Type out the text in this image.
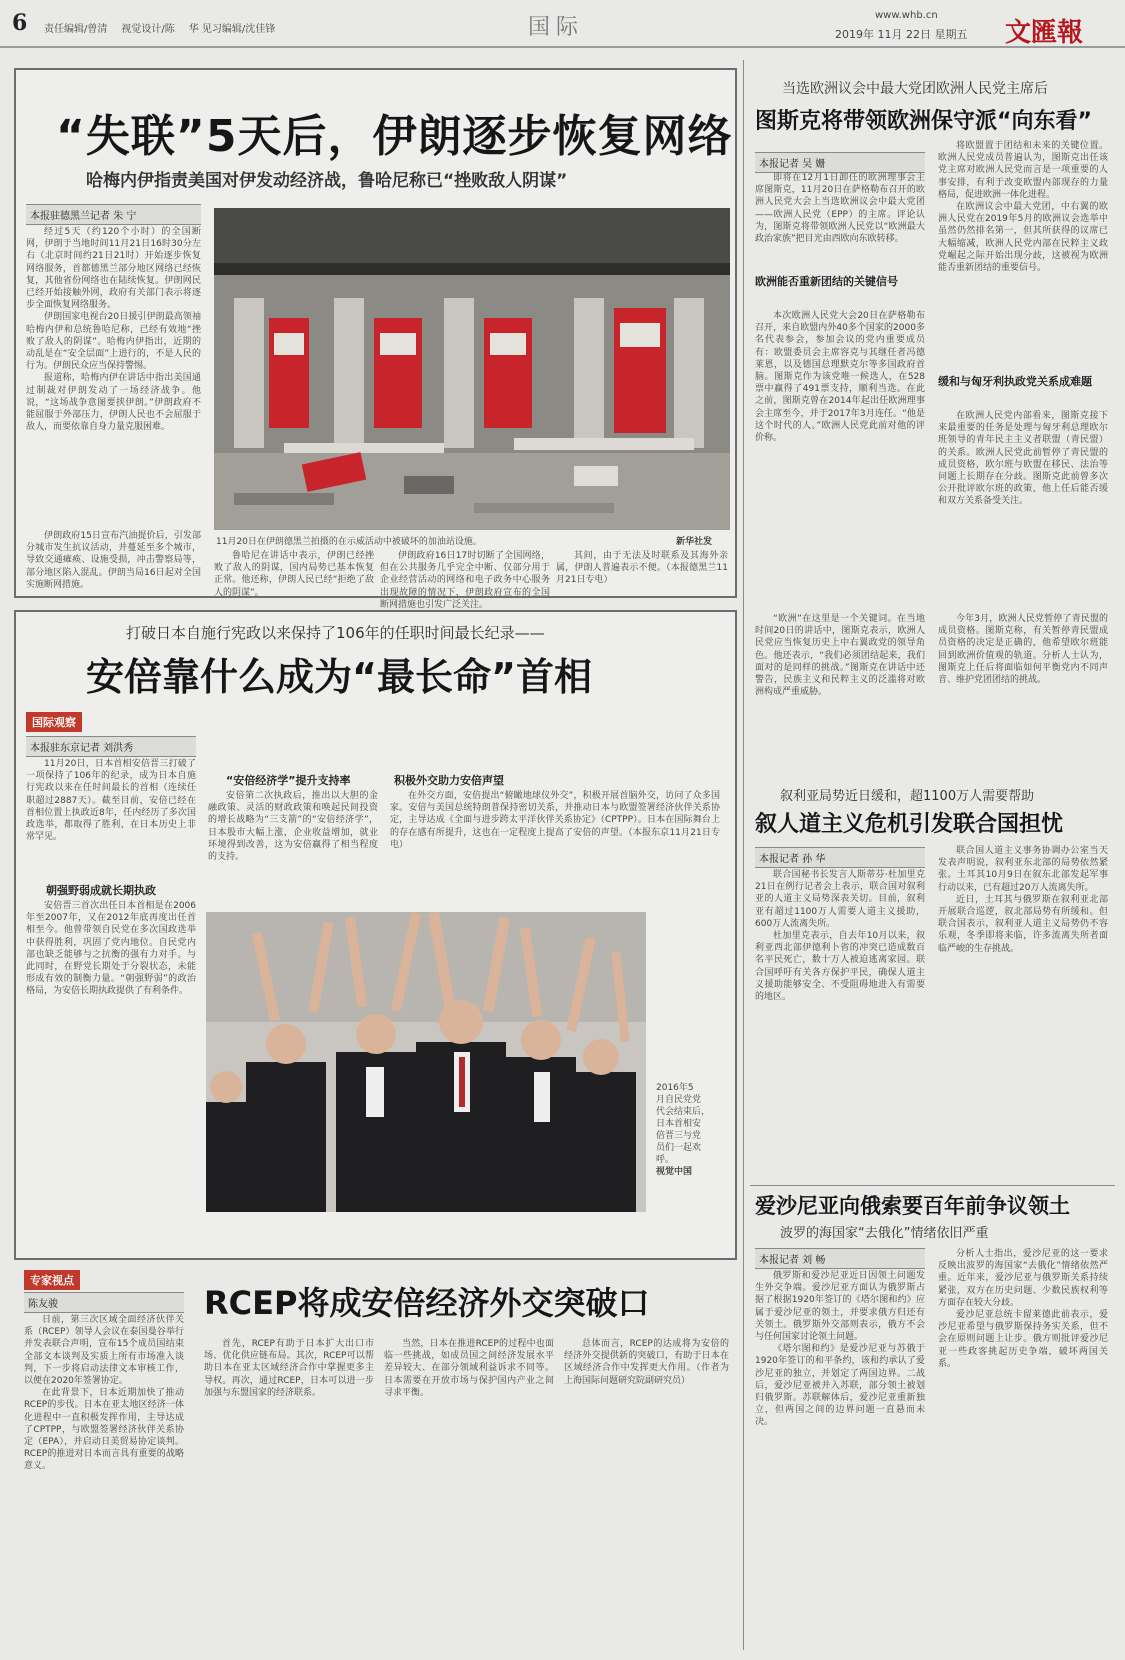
6 责任编辑/曾清 视觉设计/陈 华 见习编辑/沈佳锋	国际	www.whb.cn
2019年 11月 22日 星期五 文匯報
“失联”5天后，伊朗逐步恢复网络
哈梅内伊指责美国对伊发动经济战，鲁哈尼称已“挫败敌人阴谋”
本报驻德黑兰记者 朱 宁

经过5天（约120个小时）的全国断网，伊朗于当地时间11月21日16时30分左右（北京时间约21日21时）开始逐步恢复网络服务，首都德黑兰部分地区网络已经恢复，其他省份网络也在陆续恢复。伊朗网民已经开始接触外网，政府有关部门表示将逐步全面恢复网络服务。

伊朗国家电视台20日援引伊朗最高领袖哈梅内伊和总统鲁哈尼称，已经有效地“挫败了敌人的阴谋”。哈梅内伊指出，近期的动乱是在“安全层面”上进行的，不是人民的行为。伊朗民众应当保持警惕。

报道称，哈梅内伊在讲话中指出美国通过制裁对伊朗发动了一场经济战争。他说，“这场战争意图要挟伊朗。”伊朗政府不能屈服于外部压力，伊朗人民也不会屈服于敌人，而要依靠自身力量克服困难。

伊朗政府15日宣布汽油提价后，引发部分城市发生抗议活动，并蔓延至多个城市，导致交通瘫痪、设施受损，冲击警察局等，部分地区陷入混乱。伊朗当局16日起对全国实施断网措施。

11月20日在伊朗德黑兰拍摄的在示威活动中被破坏的加油站设施。	新华社发

鲁哈尼在讲话中表示，伊朗已经挫败了敌人的阴谋，国内局势已基本恢复正常。他还称，伊朗人民已经“拒绝了敌人的阴谋”。

伊朗政府16日17时切断了全国网络，但在公共服务几乎完全中断、仅部分用于企业经营活动的网络和电子政务中心服务出现故障的情况下，伊朗政府宣布的全国断网措施也引发广泛关注。

其间，由于无法及时联系及其海外亲属，伊朗人普遍表示不便。（本报德黑兰11月21日专电）

当选欧洲议会中最大党团欧洲人民党主席后
图斯克将带领欧洲保守派“向东看”
本报记者 吴 姗

即将在12月1日卸任的欧洲理事会主席图斯克，11月20日在萨格勒布召开的欧洲人民党大会上当选欧洲议会中最大党团——欧洲人民党（EPP）的主席。评论认为，图斯克将带领欧洲人民党以“欧洲最大政治家族”把目光由西欧向东欧转移。

欧洲能否重新团结的关键信号

本次欧洲人民党大会20日在萨格勒布召开，来自欧盟内外40多个国家的2000多名代表参会，参加会议的党内重要成员有：欧盟委员会主席容克与其继任者冯德莱恩，以及德国总理默克尔等多国政府首脑。图斯克作为该党唯一候选人，在528票中赢得了491票支持，顺利当选。在此之前，图斯克曾在2014年起出任欧洲理事会主席至今，并于2017年3月连任。“他是这个时代的人。”欧洲人民党此前对他的评价称。

“欧洲”在这里是一个关键词。在当地时间20日的讲话中，图斯克表示，欧洲人民党应当恢复历史上中右翼政党的领导角色。他还表示，“我们必须团结起来，我们面对的是同样的挑战。”图斯克在讲话中还警告，民族主义和民粹主义的泛滥将对欧洲构成严重威胁。

将欧盟置于团结和未来的关键位置。欧洲人民党成员普遍认为，图斯克出任该党主席对欧洲人民党而言是一项重要的人事安排，有利于改变欧盟内部现存的力量格局，促进欧洲一体化进程。

在欧洲议会中最大党团，中右翼的欧洲人民党在2019年5月的欧洲议会选举中虽然仍然排名第一，但其所获得的议席已大幅缩减，欧洲人民党内部在民粹主义政党崛起之际开始出现分歧，这被视为欧洲能否重新团结的重要信号。

缓和与匈牙利执政党关系成难题

在欧洲人民党内部看来，图斯克接下来最重要的任务是处理与匈牙利总理欧尔班领导的青年民主主义者联盟（青民盟）的关系。欧洲人民党此前暂停了青民盟的成员资格，欧尔班与欧盟在移民、法治等问题上长期存在分歧。图斯克此前曾多次公开批评欧尔班的政策，他上任后能否缓和双方关系备受关注。

今年3月，欧洲人民党暂停了青民盟的成员资格。图斯克称，有关暂停青民盟成员资格的决定是正确的，他希望欧尔班能回到欧洲价值观的轨道。分析人士认为，图斯克上任后将面临如何平衡党内不同声音、维护党团团结的挑战。

打破日本自施行宪政以来保持了106年的任职时间最长纪录——
安倍靠什么成为“最长命”首相
国际观察
本报驻东京记者 刘洪秀

11月20日，日本首相安倍晋三打破了一项保持了106年的纪录，成为日本自施行宪政以来在任时间最长的首相（连续任职超过2887天）。截至目前，安倍已经在首相位置上执政近8年，任内经历了多次国政选举，都取得了胜利，在日本历史上非常罕见。

朝强野弱成就长期执政

安倍晋三首次出任日本首相是在2006年至2007年，又在2012年底再度出任首相至今。他曾带领自民党在多次国政选举中获得胜利，巩固了党内地位。自民党内部也缺乏能够与之抗衡的强有力对手。与此同时，在野党长期处于分裂状态，未能形成有效的制衡力量。“朝强野弱”的政治格局，为安倍长期执政提供了有利条件。

“安倍经济学”提升支持率

安倍第二次执政后，推出以大胆的金融政策、灵活的财政政策和唤起民间投资的增长战略为“三支箭”的“安倍经济学”，日本股市大幅上涨，企业收益增加，就业环境得到改善，这为安倍赢得了相当程度的支持。

积极外交助力安倍声望

在外交方面，安倍提出“俯瞰地球仪外交”，积极开展首脑外交，访问了众多国家。安倍与美国总统特朗普保持密切关系，并推动日本与欧盟签署经济伙伴关系协定，主导达成《全面与进步跨太平洋伙伴关系协定》（CPTPP）。日本在国际舞台上的存在感有所提升，这也在一定程度上提高了安倍的声望。（本报东京11月21日专电）

2016年5
月自民党党
代会结束后，
日本首相安
倍晋三与党
员们一起欢
呼。
视觉中国
叙利亚局势近日缓和，超1100万人需要帮助
叙人道主义危机引发联合国担忧
本报记者 孙 华

联合国秘书长发言人斯蒂芬·杜加里克21日在例行记者会上表示，联合国对叙利亚的人道主义局势深表关切。目前，叙利亚有超过1100万人需要人道主义援助，600万人流离失所。

杜加里克表示，自去年10月以来，叙利亚西北部伊德利卜省的冲突已造成数百名平民死亡，数十万人被迫逃离家园。联合国呼吁有关各方保护平民，确保人道主义援助能够安全、不受阻碍地进入有需要的地区。

联合国人道主义事务协调办公室当天发表声明说，叙利亚东北部的局势依然紧张。土耳其10月9日在叙东北部发起军事行动以来，已有超过20万人流离失所。

近日，土耳其与俄罗斯在叙利亚北部开展联合巡逻，叙北部局势有所缓和。但联合国表示，叙利亚人道主义局势仍不容乐观，冬季即将来临，许多流离失所者面临严峻的生存挑战。

专家视点
陈友骏	RCEP将成安倍经济外交突破口

日前，第三次区域全面经济伙伴关系（RCEP）领导人会议在泰国曼谷举行并发表联合声明，宣布15个成员国结束全部文本谈判及实质上所有市场准入谈判，下一步将启动法律文本审核工作，以便在2020年签署协定。

在此背景下，日本近期加快了推动RCEP的步伐。日本在亚太地区经济一体化进程中一直积极发挥作用，主导达成了CPTPP，与欧盟签署经济伙伴关系协定（EPA），并启动日美贸易协定谈判。RCEP的推进对日本而言具有重要的战略意义。

首先，RCEP有助于日本扩大出口市场、优化供应链布局。其次，RCEP可以帮助日本在亚太区域经济合作中掌握更多主导权。再次，通过RCEP，日本可以进一步加强与东盟国家的经济联系。

当然，日本在推进RCEP的过程中也面临一些挑战，如成员国之间经济发展水平差异较大、在部分领域利益诉求不同等。日本需要在开放市场与保护国内产业之间寻求平衡。

总体而言，RCEP的达成将为安倍的经济外交提供新的突破口，有助于日本在区域经济合作中发挥更大作用。（作者为上海国际问题研究院副研究员）

爱沙尼亚向俄索要百年前争议领土
波罗的海国家“去俄化”情绪依旧严重
本报记者 刘 畅

俄罗斯和爱沙尼亚近日因领土问题发生外交争端。爱沙尼亚方面认为俄罗斯占据了根据1920年签订的《塔尔图和约》应属于爱沙尼亚的领土，并要求俄方归还有关领土。俄罗斯外交部则表示，俄方不会与任何国家讨论领土问题。

《塔尔图和约》是爱沙尼亚与苏俄于1920年签订的和平条约，该和约承认了爱沙尼亚的独立，并划定了两国边界。二战后，爱沙尼亚被并入苏联，部分领土被划归俄罗斯。苏联解体后，爱沙尼亚重新独立，但两国之间的边界问题一直悬而未决。

分析人士指出，爱沙尼亚的这一要求反映出波罗的海国家“去俄化”情绪依然严重。近年来，爱沙尼亚与俄罗斯关系持续紧张，双方在历史问题、少数民族权利等方面存在较大分歧。

爱沙尼亚总统卡留莱德此前表示，爱沙尼亚希望与俄罗斯保持务实关系，但不会在原则问题上让步。俄方则批评爱沙尼亚一些政客挑起历史争端，破坏两国关系。
